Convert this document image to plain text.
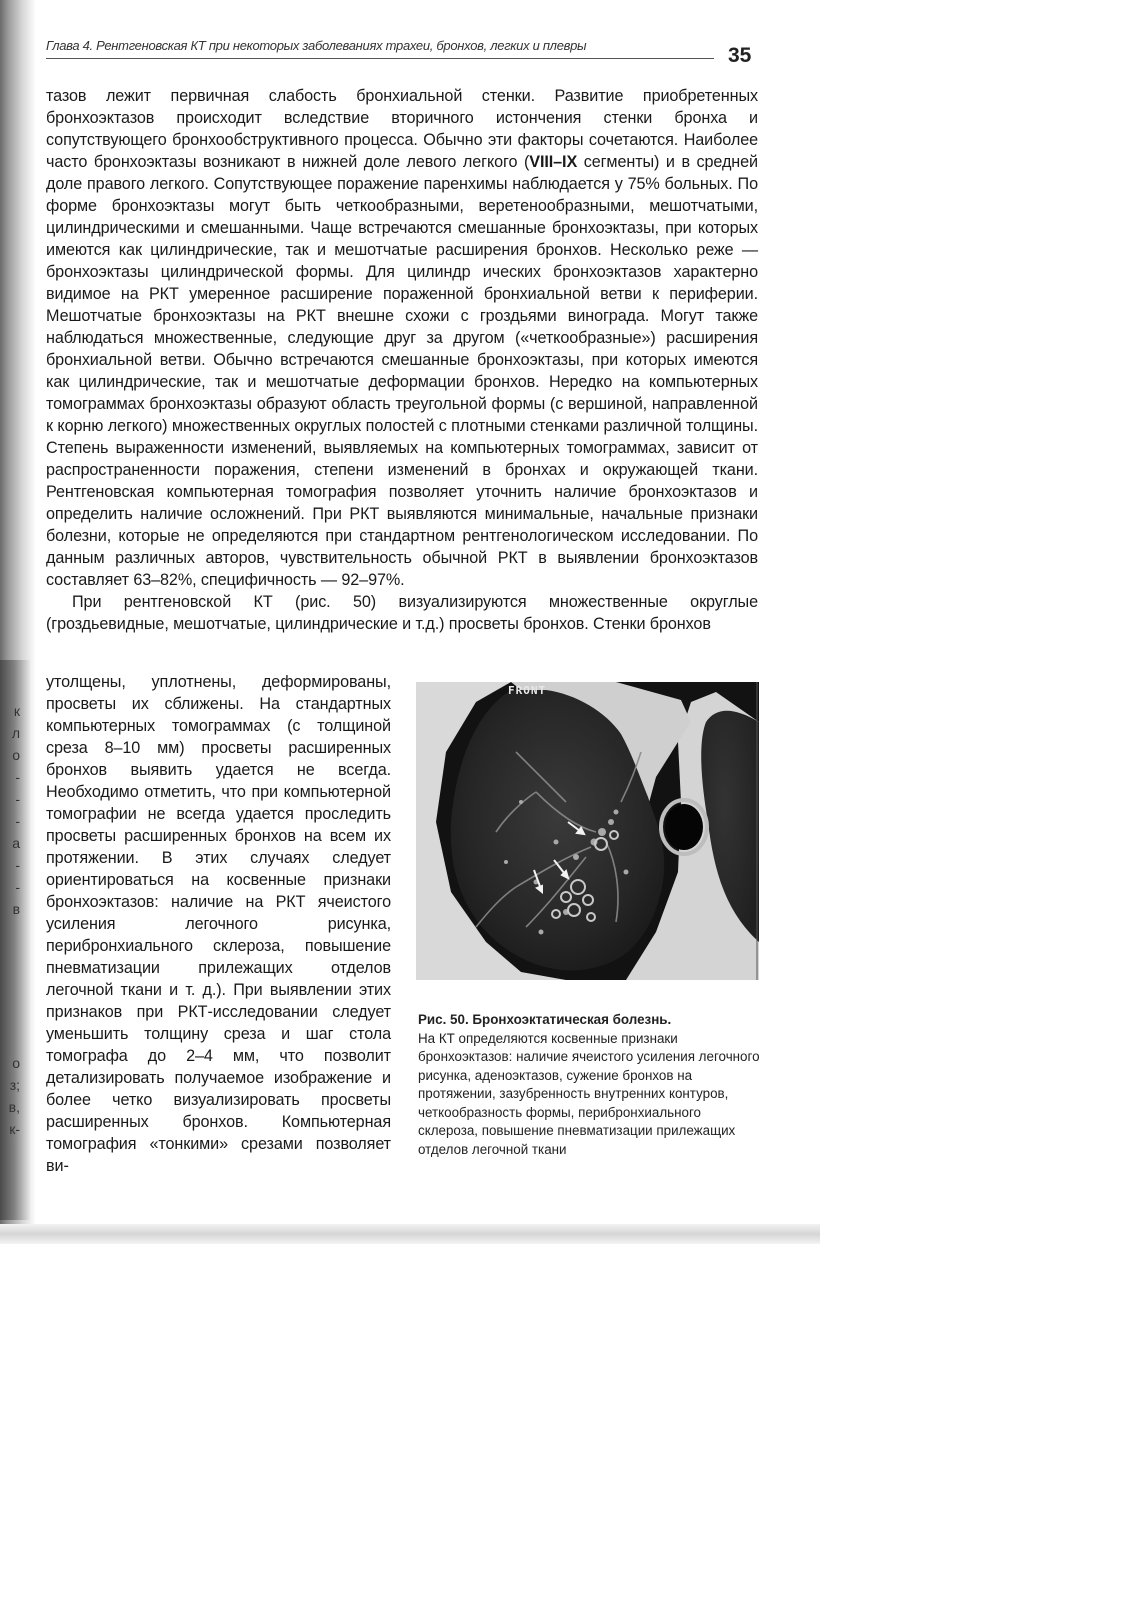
к
л
о
-
-
-
а
-
-
в
о
з;
в,
к-
Глава 4. Рентгеновская КТ при некоторых заболеваниях трахеи, бронхов, легких и плевры	35

тазов лежит первичная слабость бронхиальной стенки. Развитие приобретенных бронхоэктазов происходит вследствие вторичного истончения стенки бронха и сопутствующего бронхообструктивного процесса. Обычно эти факторы сочетаются. Наиболее часто бронхоэктазы возникают в нижней доле левого легкого (VIII–IX сегменты) и в средней доле правого легкого. Сопутствующее поражение паренхимы наблюдается у 75% больных. По форме бронхоэктазы могут быть четкообразными, веретенообразными, мешотчатыми, цилиндрическими и смешанными. Чаще встречаются смешанные бронхоэктазы, при которых имеются как цилиндрические, так и мешотчатые расширения бронхов. Несколько реже — бронхоэктазы цилиндрической формы. Для цилиндр ических бронхоэктазов характерно видимое на РКТ умеренное расширение пораженной бронхиальной ветви к периферии. Мешотчатые бронхоэктазы на РКТ внешне схожи с гроздьями винограда. Могут также наблюдаться множественные, следующие друг за другом («четкообразные») расширения бронхиальной ветви. Обычно встречаются смешанные бронхоэктазы, при которых имеются как цилиндрические, так и мешотчатые деформации бронхов. Нередко на компьютерных томограммах бронхоэктазы образуют область треугольной формы (с вершиной, направленной к корню легкого) множественных округлых полостей с плотными стенками различной толщины. Степень выраженности изменений, выявляемых на компьютерных томограммах, зависит от распространенности поражения, степени изменений в бронхах и окружающей ткани. Рентгеновская компьютерная томография позволяет уточнить наличие бронхоэктазов и определить наличие осложнений. При РКТ выявляются минимальные, начальные признаки болезни, которые не определяются при стандартном рентгенологическом исследовании. По данным различных авторов, чувствительность обычной РКТ в выявлении бронхоэктазов составляет 63–82%, специфичность — 92–97%.

При рентгеновской КТ (рис. 50) визуализируются множественные округлые (гроздьевидные, мешотчатые, цилиндрические и т.д.) просветы бронхов. Стенки бронхов

утолщены, уплотнены, деформированы, просветы их сближены. На стандартных компьютерных томограммах (с толщиной среза 8–10 мм) просветы расширенных бронхов выявить удается не всегда. Необходимо отметить, что при компьютерной томографии не всегда удается проследить просветы расширенных бронхов на всем их протяжении. В этих случаях следует ориентироваться на косвенные признаки бронхоэктазов: наличие на РКТ ячеистого усиления легочного рисунка, перибронхиального склероза, повышение пневматизации прилежащих отделов легочной ткани и т. д.). При выявлении этих признаков при РКТ-исследовании следует уменьшить толщину среза и шаг стола томографа до 2–4 мм, что позволит детализировать получаемое изображение и более четко визуализировать просветы расширенных бронхов. Компьютерная томография «тонкими» срезами позволяет ви-
FRONT
Рис. 50. Бронхоэктатическая болезнь.
На КТ определяются косвенные признаки бронхоэктазов: наличие ячеистого усиления легочного рисунка, аденоэктазов, сужение бронхов на протяжении, зазубренность внутренних контуров, четкообразность формы, перибронхиального склероза, повышение пневматизации прилежащих отделов легочной ткани
